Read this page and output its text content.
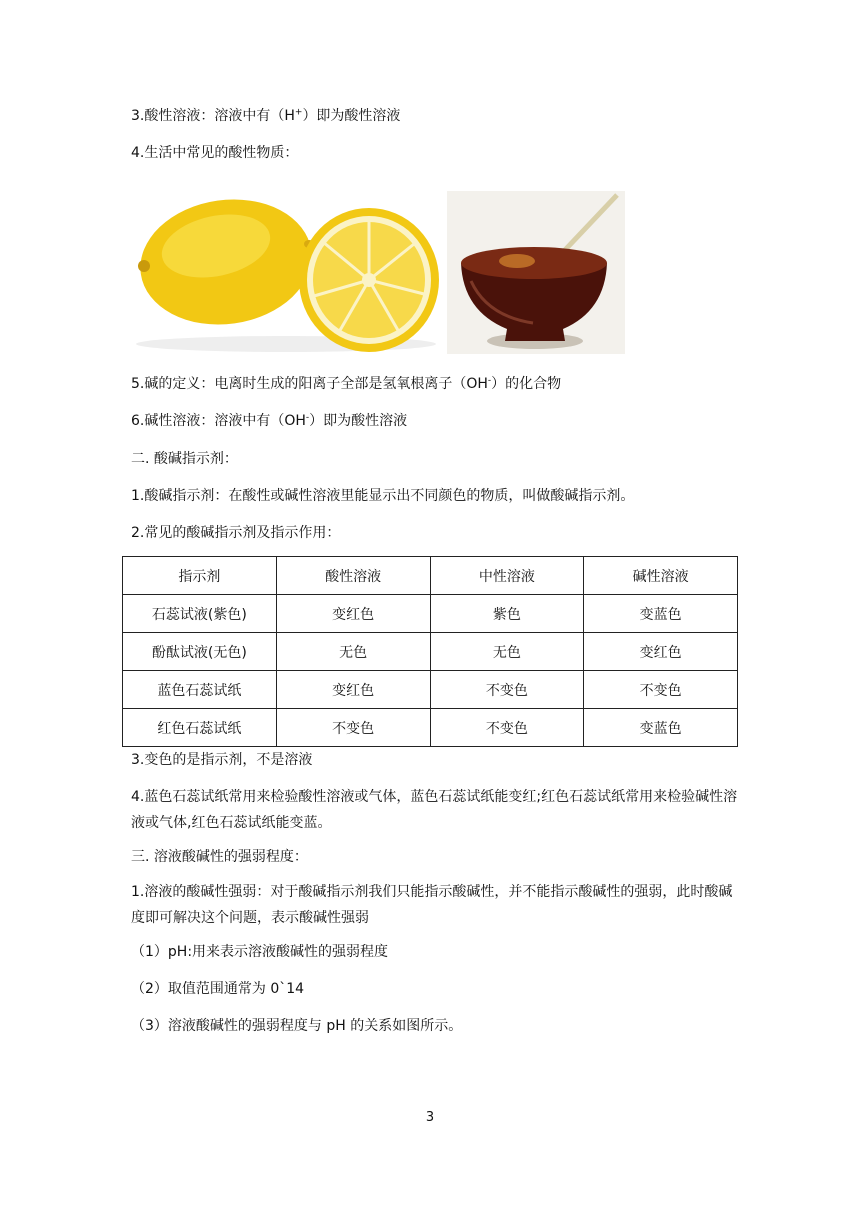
3.酸性溶液：溶液中有（H+）即为酸性溶液
4.生活中常见的酸性物质：
5.碱的定义：电离时生成的阳离子全部是氢氧根离子（OH-）的化合物
6.碱性溶液：溶液中有（OH-）即为酸性溶液
二. 酸碱指示剂：
1.酸碱指示剂：在酸性或碱性溶液里能显示出不同颜色的物质，叫做酸碱指示剂。
2.常见的酸碱指示剂及指示作用：
指示剂	酸性溶液	中性溶液	碱性溶液
石蕊试液(紫色)	变红色	紫色	变蓝色
酚酞试液(无色)	无色	无色	变红色
蓝色石蕊试纸	变红色	不变色	不变色
红色石蕊试纸	不变色	不变色	变蓝色
3.变色的是指示剂，不是溶液
4.蓝色石蕊试纸常用来检验酸性溶液或气体，蓝色石蕊试纸能变红;红色石蕊试纸常用来检验碱性溶液或气体,红色石蕊试纸能变蓝。
三. 溶液酸碱性的强弱程度：
1.溶液的酸碱性强弱：对于酸碱指示剂我们只能指示酸碱性，并不能指示酸碱性的强弱，此时酸碱度即可解决这个问题，表示酸碱性强弱
（1）pH:用来表示溶液酸碱性的强弱程度
（2）取值范围通常为 0`14
（3）溶液酸碱性的强弱程度与 pH 的关系如图所示。
3
